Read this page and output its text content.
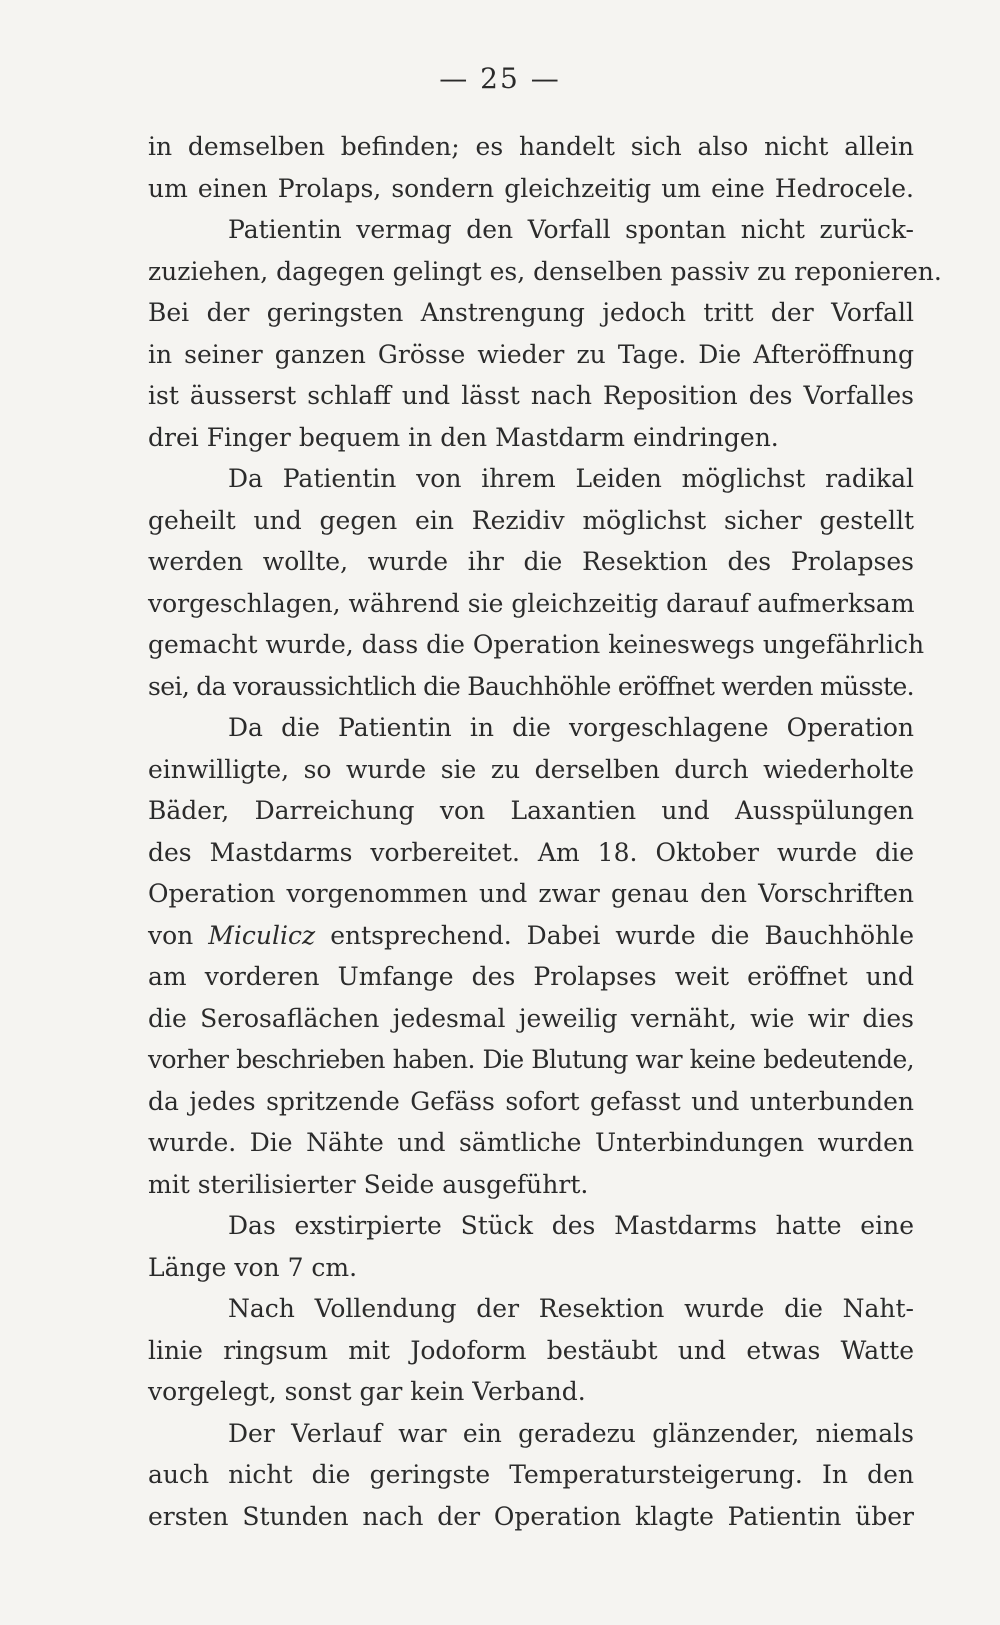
— 25 —
in demselben befinden; es handelt sich also nicht allein
um einen Prolaps, sondern gleichzeitig um eine Hedrocele.
Patientin vermag den Vorfall spontan nicht zurück-
zuziehen, dagegen gelingt es, denselben passiv zu reponieren.
Bei der geringsten Anstrengung jedoch tritt der Vorfall
in seiner ganzen Grösse wieder zu Tage. Die Afteröffnung
ist äusserst schlaff und lässt nach Reposition des Vorfalles
drei Finger bequem in den Mastdarm eindringen.
Da Patientin von ihrem Leiden möglichst radikal
geheilt und gegen ein Rezidiv möglichst sicher gestellt
werden wollte, wurde ihr die Resektion des Prolapses
vorgeschlagen, während sie gleichzeitig darauf aufmerksam
gemacht wurde, dass die Operation keineswegs ungefährlich
sei, da voraussichtlich die Bauchhöhle eröffnet werden müsste.
Da die Patientin in die vorgeschlagene Operation
einwilligte, so wurde sie zu derselben durch wiederholte
Bäder, Darreichung von Laxantien und Ausspülungen
des Mastdarms vorbereitet. Am 18. Oktober wurde die
Operation vorgenommen und zwar genau den Vorschriften
von Miculicz entsprechend. Dabei wurde die Bauchhöhle
am vorderen Umfange des Prolapses weit eröffnet und
die Serosaflächen jedesmal jeweilig vernäht, wie wir dies
vorher beschrieben haben. Die Blutung war keine bedeutende,
da jedes spritzende Gefäss sofort gefasst und unterbunden
wurde. Die Nähte und sämtliche Unterbindungen wurden
mit sterilisierter Seide ausgeführt.
Das exstirpierte Stück des Mastdarms hatte eine
Länge von 7 cm.
Nach Vollendung der Resektion wurde die Naht-
linie ringsum mit Jodoform bestäubt und etwas Watte
vorgelegt, sonst gar kein Verband.
Der Verlauf war ein geradezu glänzender, niemals
auch nicht die geringste Temperatursteigerung. In den
ersten Stunden nach der Operation klagte Patientin über
